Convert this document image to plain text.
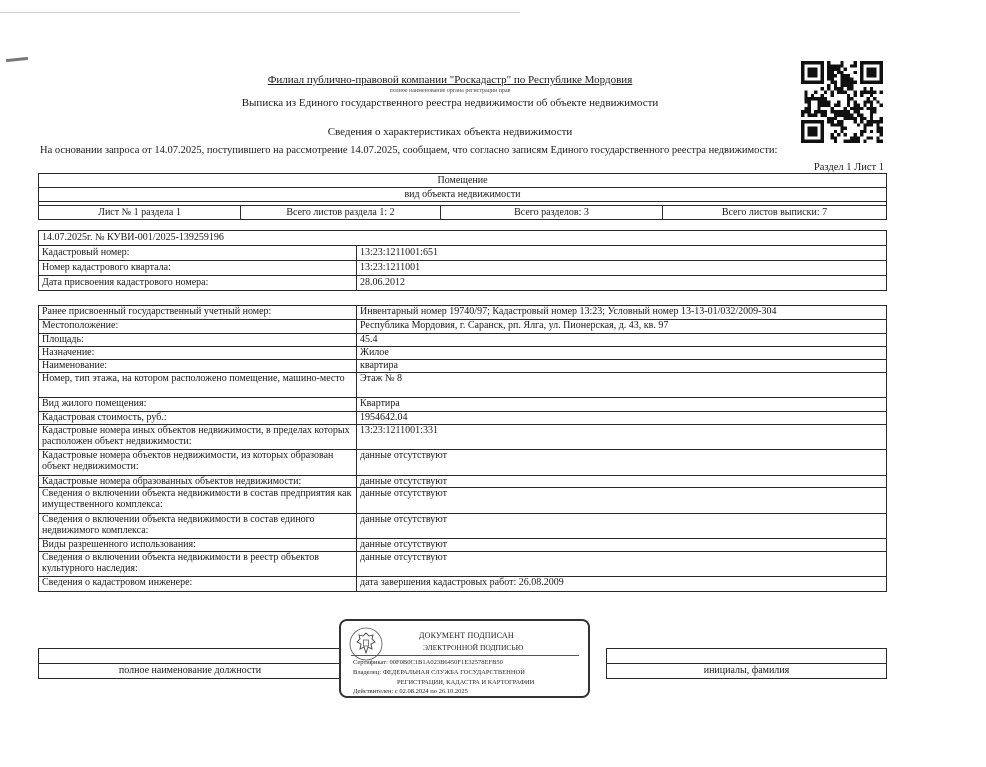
Филиал публично-правовой компании "Роскадастр" по Республике Мордовия
полное наименование органа регистрации прав
Выписка из Единого государственного реестра недвижимости об объекте недвижимости
Сведения о характеристиках объекта недвижимости
На основании запроса от 14.07.2025, поступившего на рассмотрение 14.07.2025, сообщаем, что согласно записям Единого государственного реестра недвижимости:
Раздел 1 Лист 1
Помещение
вид объекта недвижимости

Лист № 1 раздела 1	Всего листов раздела 1: 2	Всего разделов: 3	Всего листов выписки: 7
14.07.2025г. № КУВИ-001/2025-139259196	
Кадастровый номер:	13:23:1211001:651
Номер кадастрового квартала:	13:23:1211001
Дата присвоения кадастрового номера:	28.06.2012
Ранее присвоенный государственный учетный номер:	Инвентарный номер 19740/97; Кадастровый номер 13:23; Условный номер 13-13-01/032/2009-304
Местоположение:	Республика Мордовия, г. Саранск, рп. Ялга, ул. Пионерская, д. 43, кв. 97
Площадь:	45.4
Назначение:	Жилое
Наименование:	квартира
Номер, тип этажа, на котором расположено помещение, машино-место	Этаж № 8
Вид жилого помещения:	Квартира
Кадастровая стоимость, руб.:	1954642.04
Кадастровые номера иных объектов недвижимости, в пределах которых расположен объект недвижимости:	13:23:1211001:331
Кадастровые номера объектов недвижимости, из которых образован объект недвижимости:	данные отсутствуют
Кадастровые номера образованных объектов недвижимости:	данные отсутствуют
Сведения о включении объекта недвижимости в состав предприятия как имущественного комплекса:	данные отсутствуют
Сведения о включении объекта недвижимости в состав единого недвижимого комплекса:	данные отсутствуют
Виды разрешенного использования:	данные отсутствуют
Сведения о включении объекта недвижимости в реестр объектов культурного наследия:	данные отсутствуют
Сведения о кадастровом инженере:	дата завершения кадастровых работ: 26.08.2009

полное наименование должности		инициалы, фамилия
ДОКУМЕНТ ПОДПИСАН
ЭЛЕКТРОННОЙ ПОДПИСЬЮ
Сертификат: 00F0B0C1B1A023B6450F1E32578EFB50
Владелец: ФЕДЕРАЛЬНАЯ СЛУЖБА ГОСУДАРСТВЕННОЙ
РЕГИСТРАЦИИ, КАДАСТРА И КАРТОГРАФИИ
Действителен: с 02.08.2024 по 26.10.2025
